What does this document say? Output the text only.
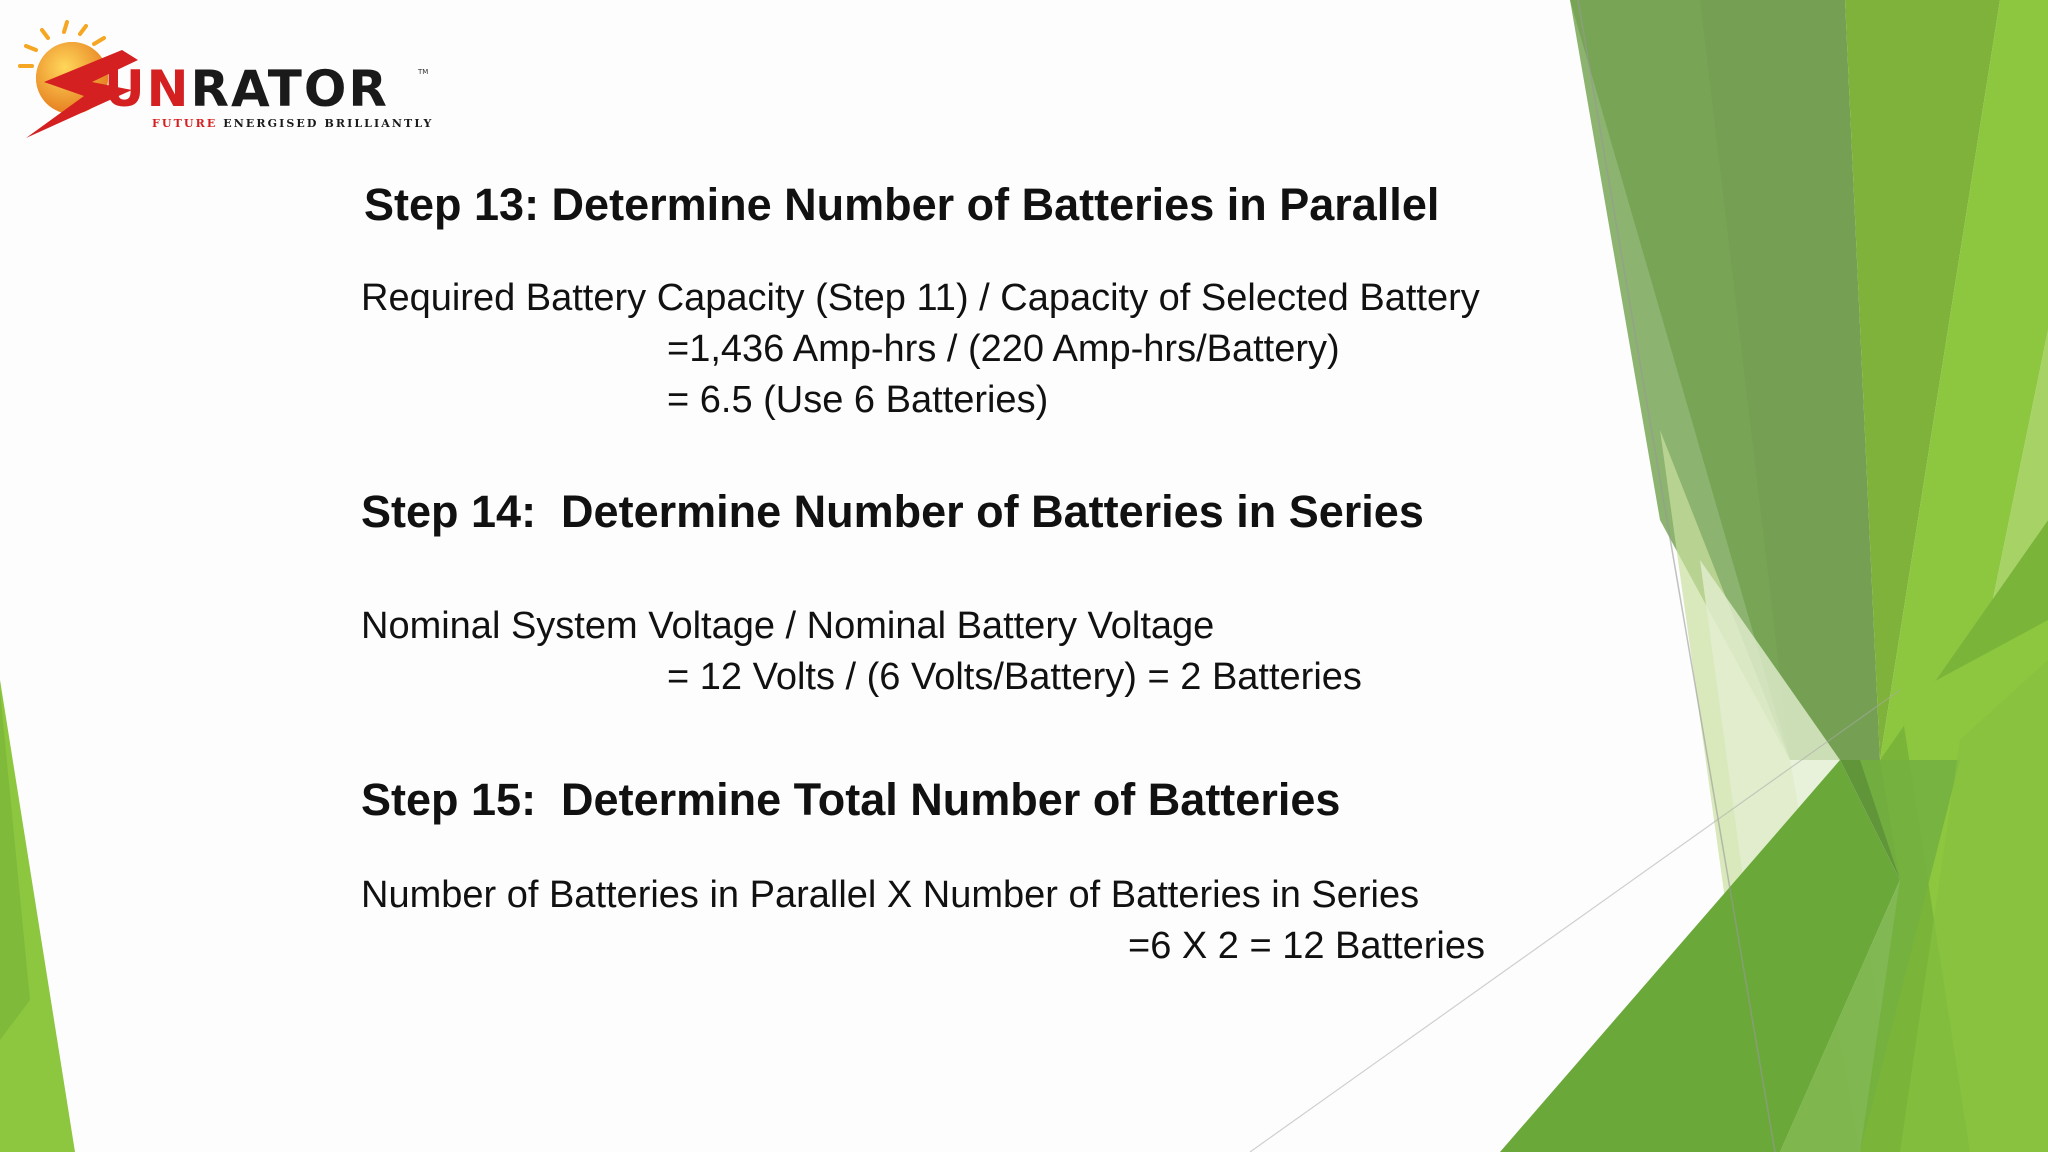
UNRATOR	TM
FUTURE ENERGISED BRILLIANTLY
Step 13: Determine Number of Batteries in Parallel
Required Battery Capacity (Step 11) / Capacity of Selected Battery
=1,436 Amp-hrs / (220 Amp-hrs/Battery)
= 6.5 (Use 6 Batteries)
Step 14:  Determine Number of Batteries in Series
Nominal System Voltage / Nominal Battery Voltage
= 12 Volts / (6 Volts/Battery) = 2 Batteries
Step 15:  Determine Total Number of Batteries
Number of Batteries in Parallel X Number of Batteries in Series
=6 X 2 = 12 Batteries
